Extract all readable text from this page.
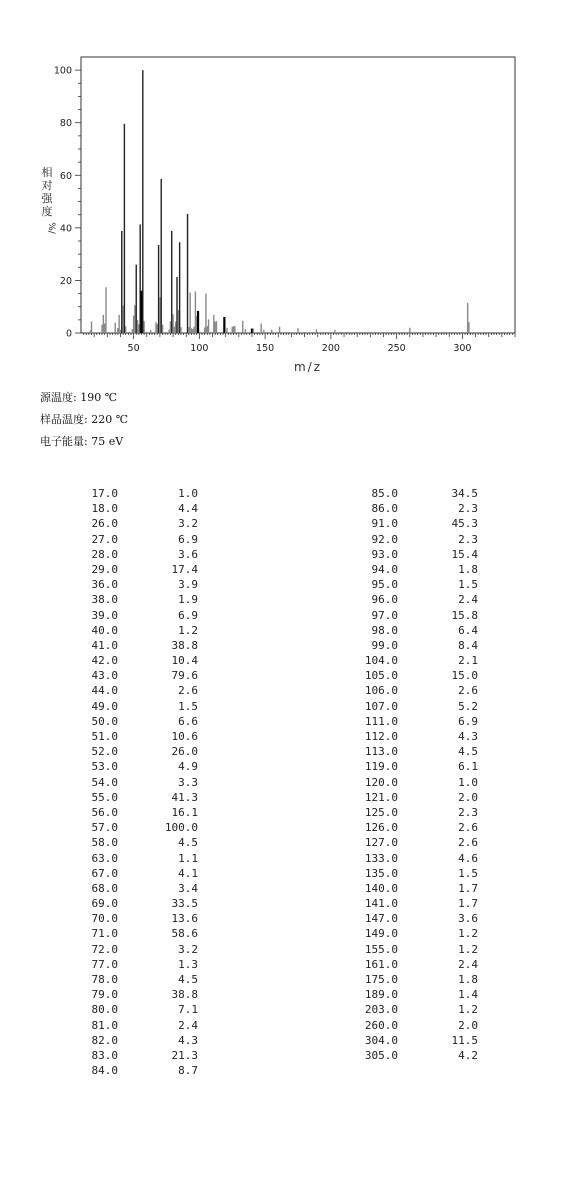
50	100	150	200	250	300
0
20
40
60
80
100
m/z
相
对
强
度
%/
源温度: 190 ℃
样品温度: 220 ℃
电子能量: 75 eV
17.0	1.0
18.0	4.4
26.0	3.2
27.0	6.9
28.0	3.6
29.0	17.4
36.0	3.9
38.0	1.9
39.0	6.9
40.0	1.2
41.0	38.8
42.0	10.4
43.0	79.6
44.0	2.6
49.0	1.5
50.0	6.6
51.0	10.6
52.0	26.0
53.0	4.9
54.0	3.3
55.0	41.3
56.0	16.1
57.0	100.0
58.0	4.5
63.0	1.1
67.0	4.1
68.0	3.4
69.0	33.5
70.0	13.6
71.0	58.6
72.0	3.2
77.0	1.3
78.0	4.5
79.0	38.8
80.0	7.1
81.0	2.4
82.0	4.3
83.0	21.3
84.0	8.7
85.0	34.5
86.0	2.3
91.0	45.3
92.0	2.3
93.0	15.4
94.0	1.8
95.0	1.5
96.0	2.4
97.0	15.8
98.0	6.4
99.0	8.4
104.0	2.1
105.0	15.0
106.0	2.6
107.0	5.2
111.0	6.9
112.0	4.3
113.0	4.5
119.0	6.1
120.0	1.0
121.0	2.0
125.0	2.3
126.0	2.6
127.0	2.6
133.0	4.6
135.0	1.5
140.0	1.7
141.0	1.7
147.0	3.6
149.0	1.2
155.0	1.2
161.0	2.4
175.0	1.8
189.0	1.4
203.0	1.2
260.0	2.0
304.0	11.5
305.0	4.2
